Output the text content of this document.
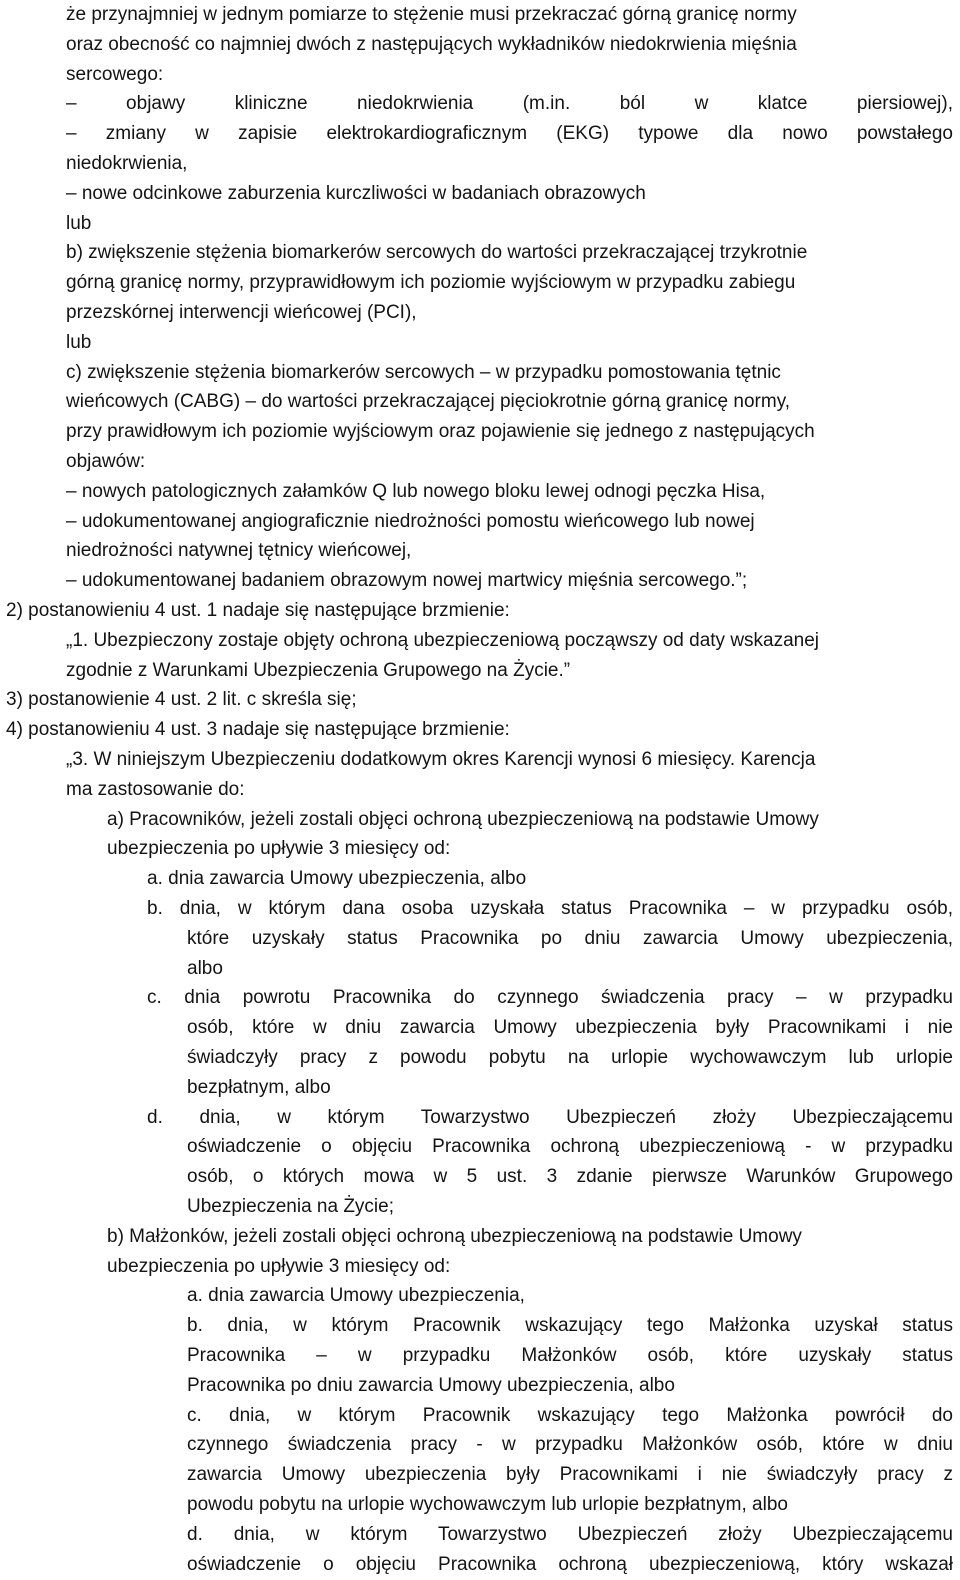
że przynajmniej w jednym pomiarze to stężenie musi przekraczać górną granicę normy
oraz obecność co najmniej dwóch z następujących wykładników niedokrwienia mięśnia
sercowego:
– objawy kliniczne niedokrwienia (m.in. ból w klatce piersiowej),
– zmiany w zapisie elektrokardiograficznym (EKG) typowe dla nowo powstałego
niedokrwienia,
– nowe odcinkowe zaburzenia kurczliwości w badaniach obrazowych
lub
b) zwiększenie stężenia biomarkerów sercowych do wartości przekraczającej trzykrotnie
górną granicę normy, przyprawidłowym ich poziomie wyjściowym w przypadku zabiegu
przezskórnej interwencji wieńcowej (PCI),
lub
c) zwiększenie stężenia biomarkerów sercowych – w przypadku pomostowania tętnic
wieńcowych (CABG) – do wartości przekraczającej pięciokrotnie górną granicę normy,
przy prawidłowym ich poziomie wyjściowym oraz pojawienie się jednego z następujących
objawów:
– nowych patologicznych załamków Q lub nowego bloku lewej odnogi pęczka Hisa,
– udokumentowanej angiograficznie niedrożności pomostu wieńcowego lub nowej
niedrożności natywnej tętnicy wieńcowej,
– udokumentowanej badaniem obrazowym nowej martwicy mięśnia sercowego.”;
2) postanowieniu 4 ust. 1 nadaje się następujące brzmienie:
„1. Ubezpieczony zostaje objęty ochroną ubezpieczeniową począwszy od daty wskazanej
zgodnie z Warunkami Ubezpieczenia Grupowego na Życie.”
3) postanowienie 4 ust. 2 lit. c skreśla się;
4) postanowieniu 4 ust. 3 nadaje się następujące brzmienie:
„3. W niniejszym Ubezpieczeniu dodatkowym okres Karencji wynosi 6 miesięcy. Karencja
ma zastosowanie do:
a) Pracowników, jeżeli zostali objęci ochroną ubezpieczeniową na podstawie Umowy
ubezpieczenia po upływie 3 miesięcy od:
a. dnia zawarcia Umowy ubezpieczenia, albo
b. dnia, w którym dana osoba uzyskała status Pracownika – w przypadku osób,
które uzyskały status Pracownika po dniu zawarcia Umowy ubezpieczenia,
albo
c. dnia powrotu Pracownika do czynnego świadczenia pracy – w przypadku
osób, które w dniu zawarcia Umowy ubezpieczenia były Pracownikami i nie
świadczyły pracy z powodu pobytu na urlopie wychowawczym lub urlopie
bezpłatnym, albo
d. dnia, w którym Towarzystwo Ubezpieczeń złoży Ubezpieczającemu
oświadczenie o objęciu Pracownika ochroną ubezpieczeniową - w przypadku
osób, o których mowa w 5 ust. 3 zdanie pierwsze Warunków Grupowego
Ubezpieczenia na Życie;
b) Małżonków, jeżeli zostali objęci ochroną ubezpieczeniową na podstawie Umowy
ubezpieczenia po upływie 3 miesięcy od:
a. dnia zawarcia Umowy ubezpieczenia,
b. dnia, w którym Pracownik wskazujący tego Małżonka uzyskał status
Pracownika – w przypadku Małżonków osób, które uzyskały status
Pracownika po dniu zawarcia Umowy ubezpieczenia, albo
c. dnia, w którym Pracownik wskazujący tego Małżonka powrócił do
czynnego świadczenia pracy - w przypadku Małżonków osób, które w dniu
zawarcia Umowy ubezpieczenia były Pracownikami i nie świadczyły pracy z
powodu pobytu na urlopie wychowawczym lub urlopie bezpłatnym, albo
d. dnia, w którym Towarzystwo Ubezpieczeń złoży Ubezpieczającemu
oświadczenie o objęciu Pracownika ochroną ubezpieczeniową, który wskazał
